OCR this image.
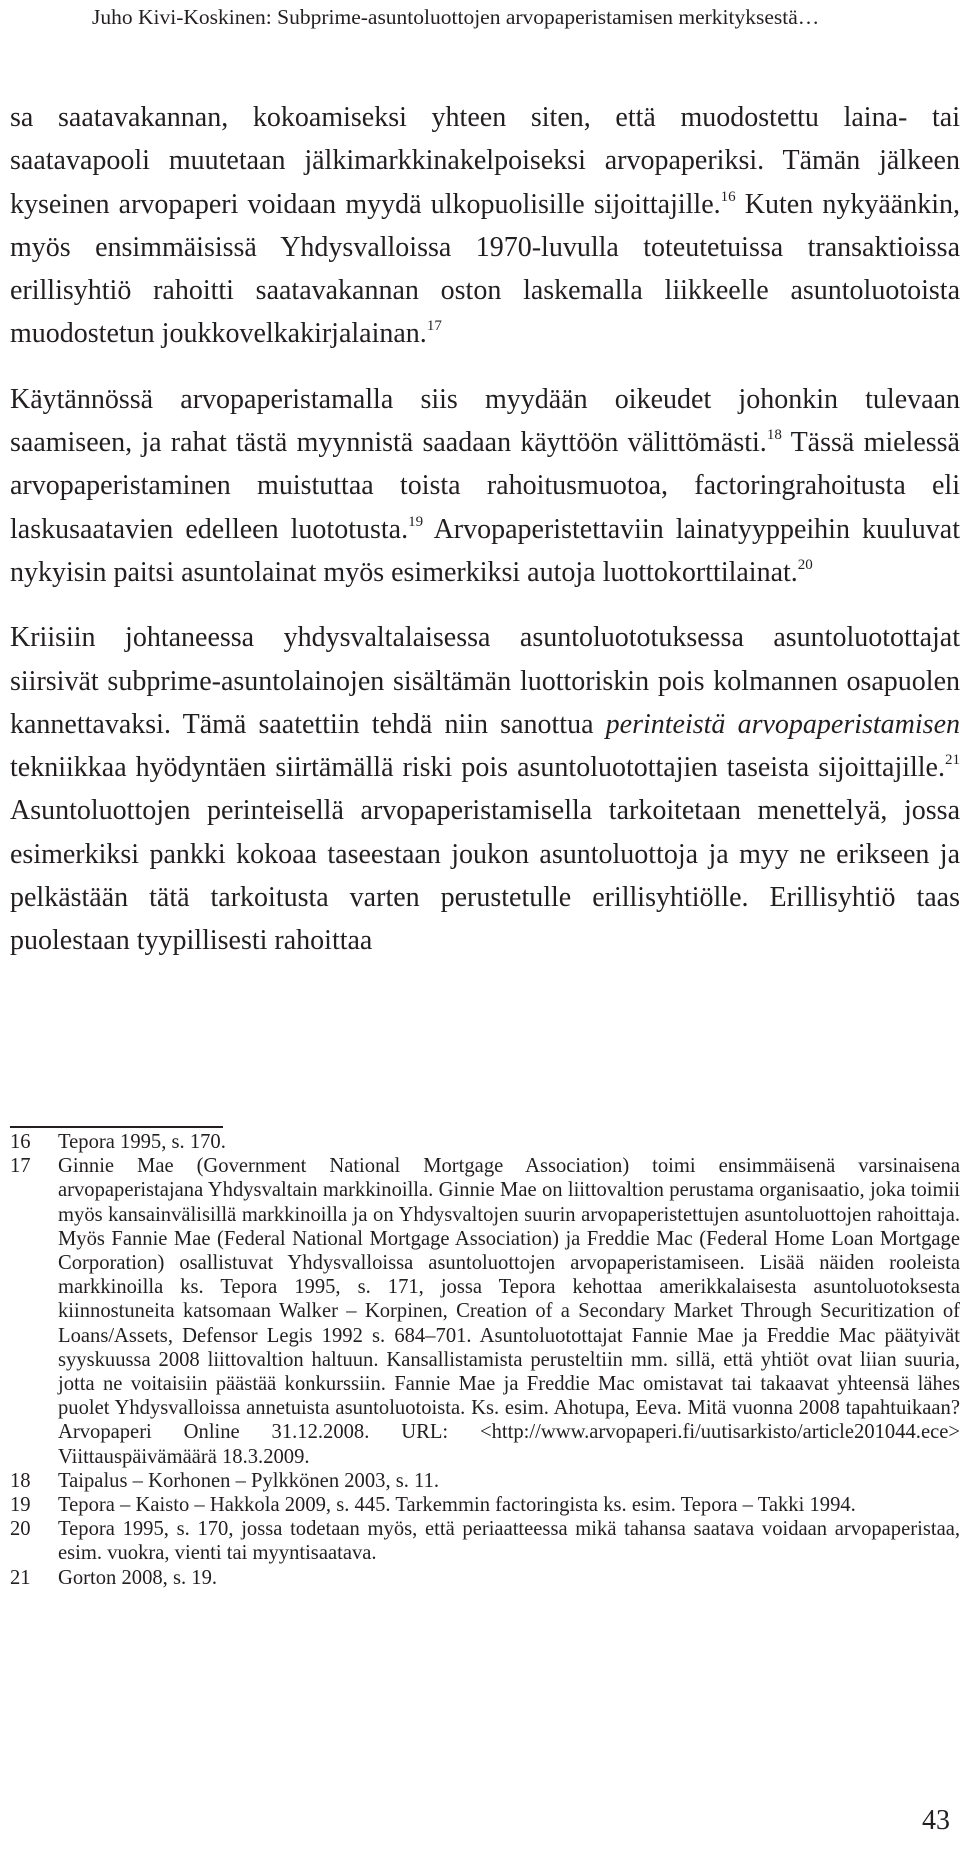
Juho Kivi-Koskinen: Subprime-asuntoluottojen arvopaperistamisen merkityksestä…

sa saatavakannan, kokoamiseksi yhteen siten, että muodostettu laina- tai saatavapooli muutetaan jälkimarkkinakelpoiseksi arvopaperiksi. Tämän jälkeen kyseinen arvopaperi voidaan myydä ulkopuolisille sijoittajille.$^{16}$ Kuten nykyäänkin, myös ensimmäisissä Yhdysvalloissa 1970-luvulla toteutetuissa transaktioissa erillisyhtiö rahoitti saatavakannan oston laskemalla liikkeelle asuntoluotoista muodostetun joukkovelkakirjalainan.$^{17}$

Käytännössä arvopaperistamalla siis myydään oikeudet johonkin tulevaan saamiseen, ja rahat tästä myynnistä saadaan käyttöön välittömästi.$^{18}$ Tässä mielessä arvopaperistaminen muistuttaa toista rahoitusmuotoa, factoringrahoitusta eli laskusaatavien edelleen luototusta.$^{19}$ Arvopaperistettaviin lainatyyppeihin kuuluvat nykyisin paitsi asuntolainat myös esimerkiksi autoja luottokorttilainat.$^{20}$

Kriisiin johtaneessa yhdysvaltalaisessa asuntoluototuksessa asuntoluotottajat siirsivät subprime-asuntolainojen sisältämän luottoriskin pois kolmannen osapuolen kannettavaksi. Tämä saatettiin tehdä niin sanottua perinteistä arvopaperistamisen tekniikkaa hyödyntäen siirtämällä riski pois asuntoluotottajien taseista sijoittajille.$^{21}$ Asuntoluottojen perinteisellä arvopaperistamisella tarkoitetaan menettelyä, jossa esimerkiksi pankki kokoaa taseestaan joukon asuntoluottoja ja myy ne erikseen ja pelkästään tätä tarkoitusta varten perustetulle erillisyhtiölle. Erillisyhtiö taas puolestaan tyypillisesti rahoittaa

16	Tepora 1995, s. 170.
17	Ginnie Mae (Government National Mortgage Association) toimi ensimmäisenä varsinaisena arvopaperistajana Yhdysvaltain markkinoilla. Ginnie Mae on liittovaltion perustama organisaatio, joka toimii myös kansainvälisillä markkinoilla ja on Yhdysvaltojen suurin arvopaperistettujen asuntoluottojen rahoittaja. Myös Fannie Mae (Federal National Mortgage Association) ja Freddie Mac (Federal Home Loan Mortgage Corporation) osallistuvat Yhdysvalloissa asuntoluottojen arvopaperistamiseen. Lisää näiden rooleista markkinoilla ks. Tepora 1995, s. 171, jossa Tepora kehottaa amerikkalaisesta asuntoluotoksesta kiinnostuneita katsomaan Walker – Korpinen, Creation of a Secondary Market Through Securitization of Loans/Assets, Defensor Legis 1992 s. 684–701. Asuntoluotottajat Fannie Mae ja Freddie Mac päätyivät syyskuussa 2008 liittovaltion haltuun. Kansallistamista perusteltiin mm. sillä, että yhtiöt ovat liian suuria, jotta ne voitaisiin päästää konkurssiin. Fannie Mae ja Freddie Mac omistavat tai takaavat yhteensä lähes puolet Yhdysvalloissa annetuista asuntoluotoista. Ks. esim. Ahotupa, Eeva. Mitä vuonna 2008 tapahtuikaan? Arvopaperi Online 31.12.2008. URL: <http://www.arvopaperi.fi/uutisarkisto/article201044.ece> Viittauspäivämäärä 18.3.2009.
18	Taipalus – Korhonen – Pylkkönen 2003, s. 11.
19	Tepora – Kaisto – Hakkola 2009, s. 445. Tarkemmin factoringista ks. esim. Tepora – Takki 1994.
20	Tepora 1995, s. 170, jossa todetaan myös, että periaatteessa mikä tahansa saatava voidaan arvopaperistaa, esim. vuokra, vienti tai myyntisaatava.
21	Gorton 2008, s. 19.
43
